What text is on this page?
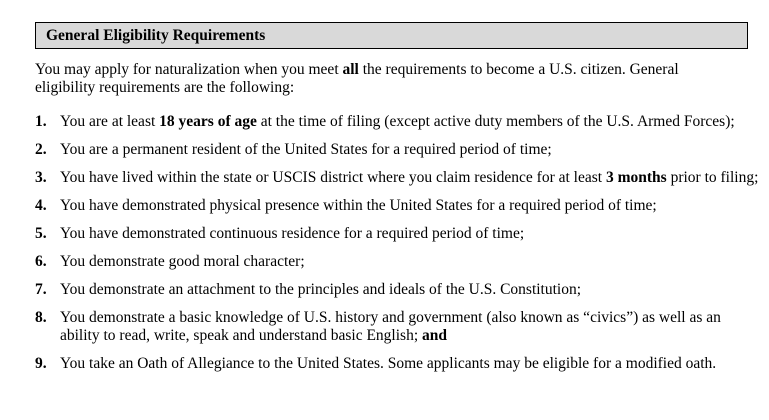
General Eligibility Requirements

You may apply for naturalization when you meet all the requirements to become a U.S. citizen. General eligibility requirements are the following:

1. You are at least 18 years of age at the time of filing (except active duty members of the U.S. Armed Forces);
2. You are a permanent resident of the United States for a required period of time;
3. You have lived within the state or USCIS district where you claim residence for at least 3 months prior to filing;
4. You have demonstrated physical presence within the United States for a required period of time;
5. You have demonstrated continuous residence for a required period of time;
6. You demonstrate good moral character;
7. You demonstrate an attachment to the principles and ideals of the U.S. Constitution;
8. You demonstrate a basic knowledge of U.S. history and government (also known as “civics”) as well as an ability to read, write, speak and understand basic English; and
9. You take an Oath of Allegiance to the United States. Some applicants may be eligible for a modified oath.
